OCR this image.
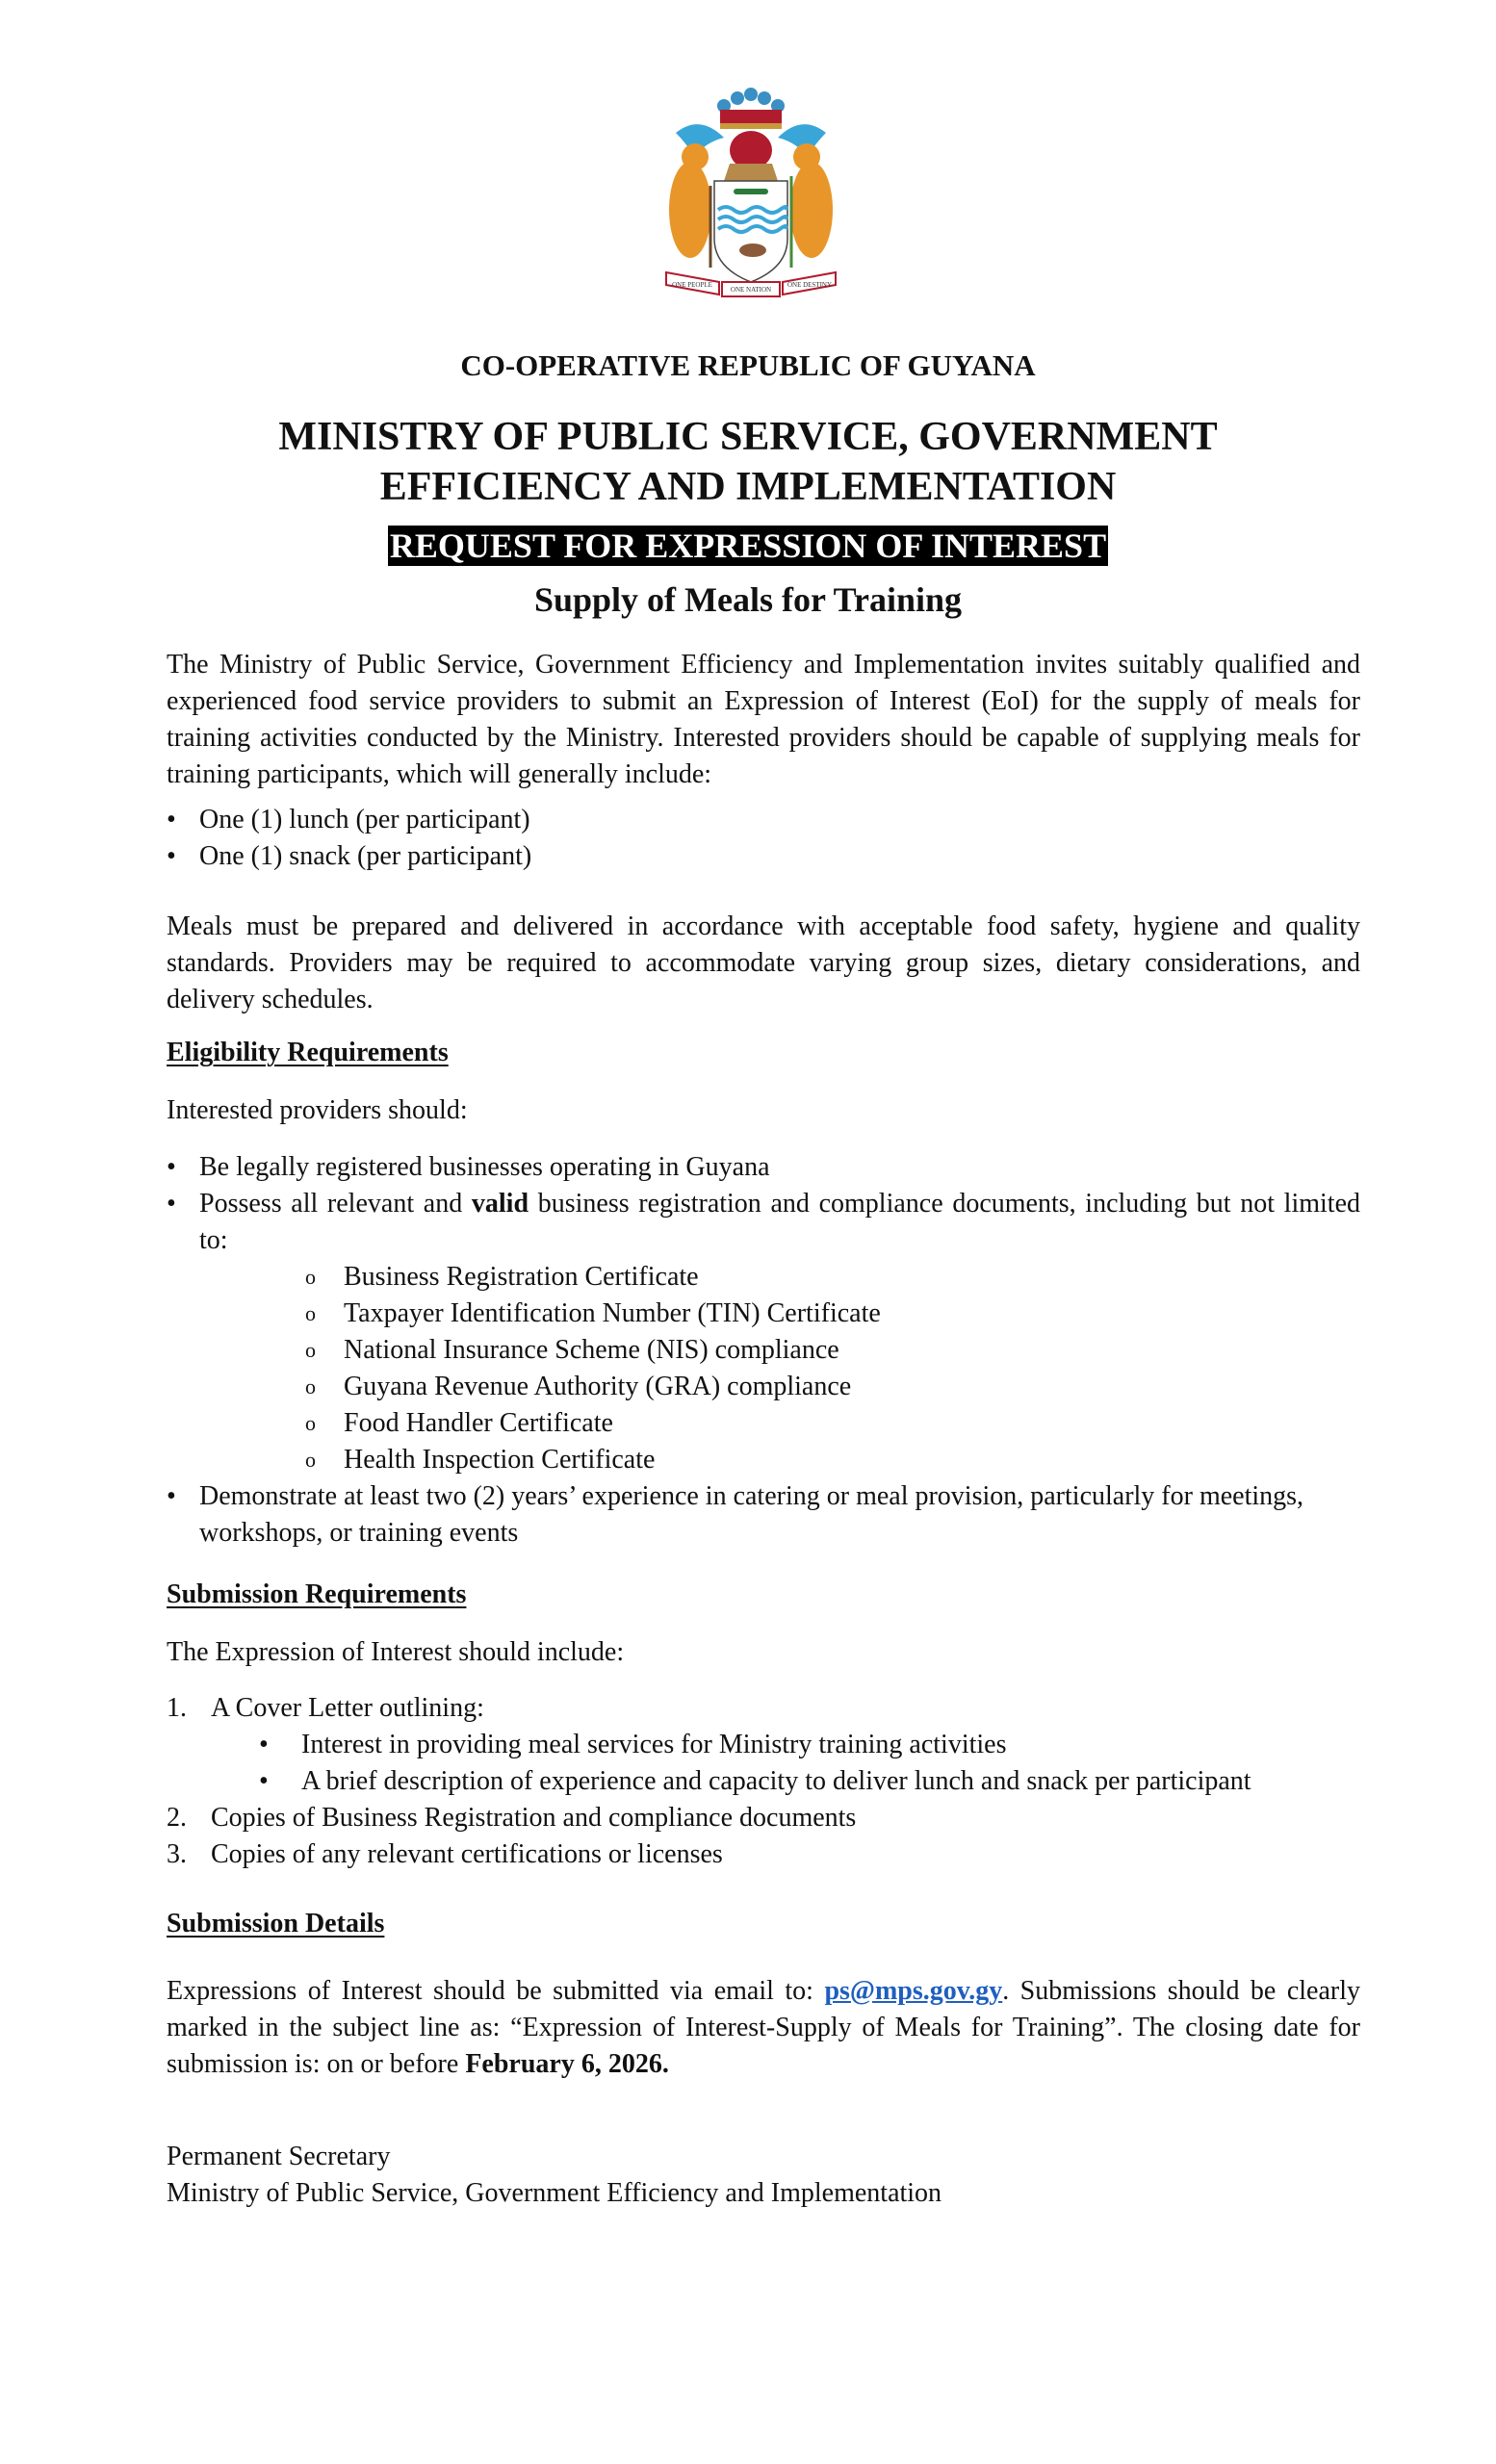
ONE PEOPLE
ONE NATION
ONE DESTINY
CO-OPERATIVE REPUBLIC OF GUYANA
MINISTRY OF PUBLIC SERVICE, GOVERNMENT
EFFICIENCY AND IMPLEMENTATION
REQUEST FOR EXPRESSION OF INTEREST
Supply of Meals for Training
The Ministry of Public Service, Government Efficiency and Implementation invites suitably qualified and experienced food service providers to submit an Expression of Interest (EoI) for the supply of meals for training activities conducted by the Ministry. Interested providers should be capable of supplying meals for training participants, which will generally include:
• One (1) lunch (per participant)
• One (1) snack (per participant)
Meals must be prepared and delivered in accordance with acceptable food safety, hygiene and quality standards. Providers may be required to accommodate varying group sizes, dietary considerations, and delivery schedules.
Eligibility Requirements
Interested providers should:
• Be legally registered businesses operating in Guyana
• Possess all relevant and valid business registration and compliance documents, including but not limited to:
o Business Registration Certificate
o Taxpayer Identification Number (TIN) Certificate
o National Insurance Scheme (NIS) compliance
o Guyana Revenue Authority (GRA) compliance
o Food Handler Certificate
o Health Inspection Certificate
• Demonstrate at least two (2) years’ experience in catering or meal provision, particularly for meetings, workshops, or training events
Submission Requirements
The Expression of Interest should include:
1. A Cover Letter outlining:
• Interest in providing meal services for Ministry training activities
• A brief description of experience and capacity to deliver lunch and snack per participant
2. Copies of Business Registration and compliance documents
3. Copies of any relevant certifications or licenses
Submission Details
Expressions of Interest should be submitted via email to: ps@mps.gov.gy. Submissions should be clearly marked in the subject line as: “Expression of Interest-Supply of Meals for Training”. The closing date for submission is: on or before February 6, 2026.
Permanent Secretary
Ministry of Public Service, Government Efficiency and Implementation
